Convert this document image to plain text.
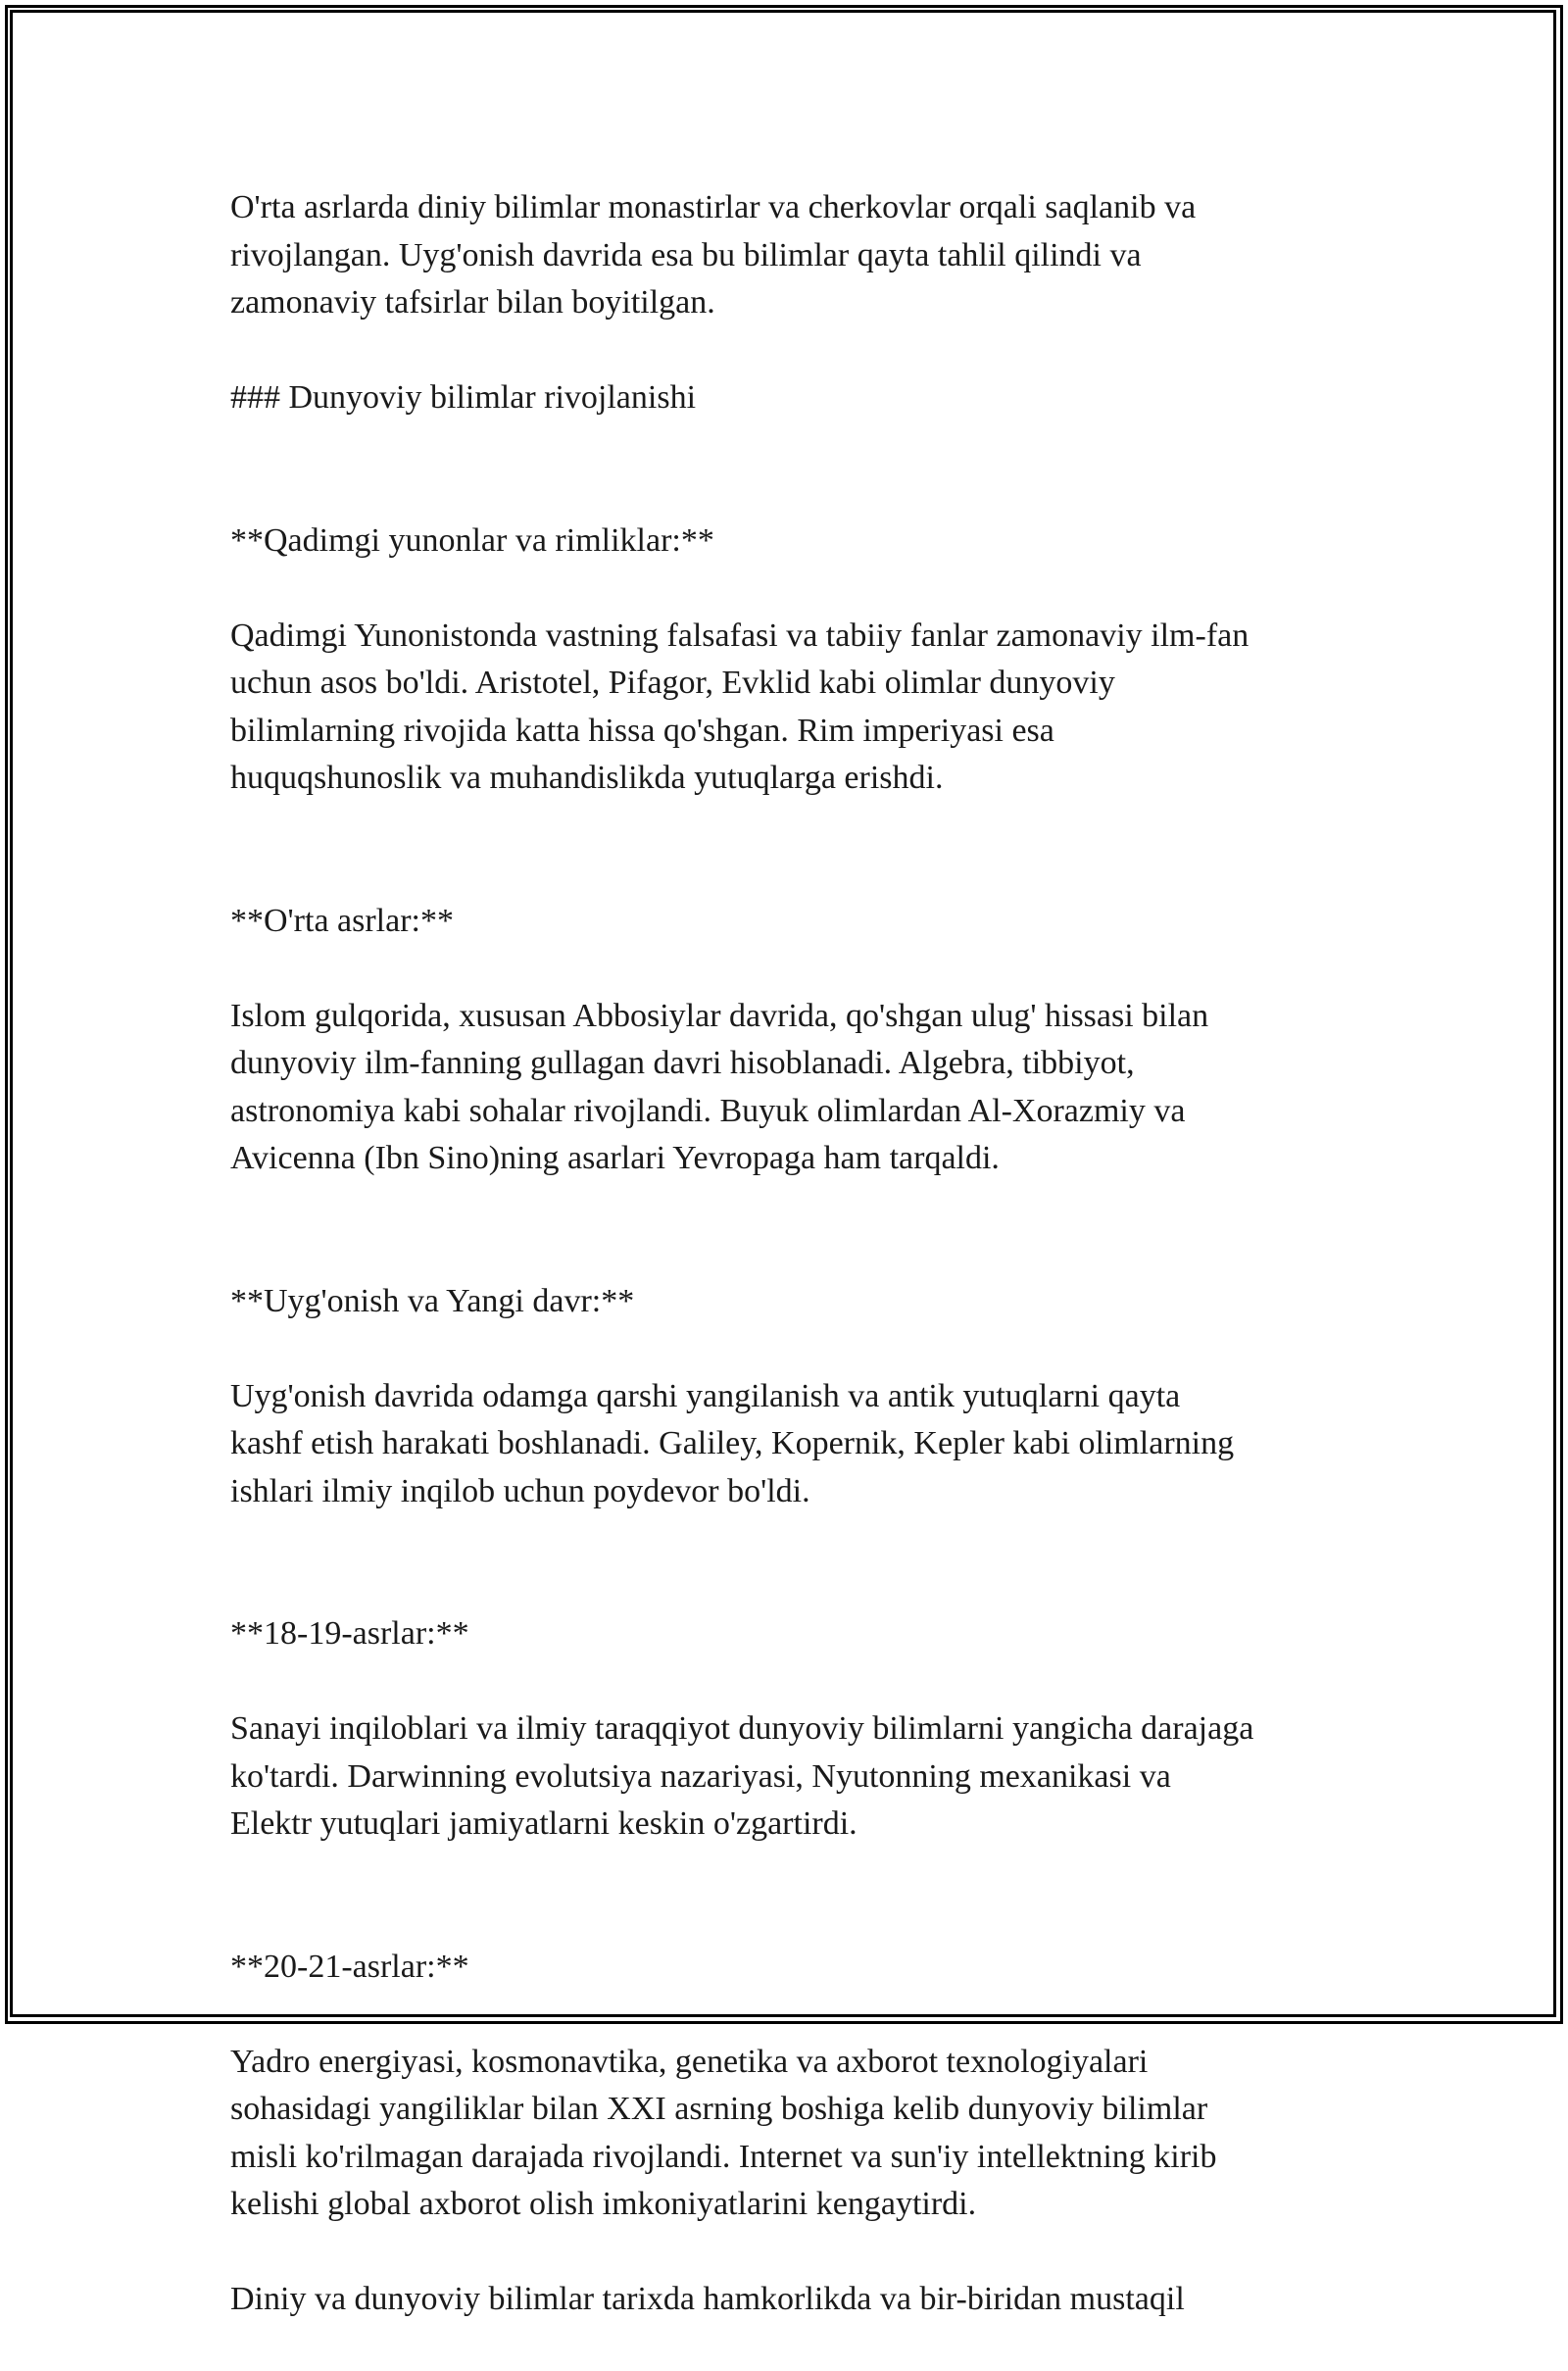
O'rta asrlarda diniy bilimlar monastirlar va cherkovlar orqali saqlanib va
rivojlangan. Uyg'onish davrida esa bu bilimlar qayta tahlil qilindi va
zamonaviy tafsirlar bilan boyitilgan.

### Dunyoviy bilimlar rivojlanishi

**Qadimgi yunonlar va rimliklar:**

Qadimgi Yunonistonda vastning falsafasi va tabiiy fanlar zamonaviy ilm-fan
uchun asos bo'ldi. Aristotel, Pifagor, Evklid kabi olimlar dunyoviy
bilimlarning rivojida katta hissa qo'shgan. Rim imperiyasi esa
huquqshunoslik va muhandislikda yutuqlarga erishdi.

**O'rta asrlar:**

Islom gulqorida, xususan Abbosiylar davrida, qo'shgan ulug' hissasi bilan
dunyoviy ilm-fanning gullagan davri hisoblanadi. Algebra, tibbiyot,
astronomiya kabi sohalar rivojlandi. Buyuk olimlardan Al-Xorazmiy va
Avicenna (Ibn Sino)ning asarlari Yevropaga ham tarqaldi.

**Uyg'onish va Yangi davr:**

Uyg'onish davrida odamga qarshi yangilanish va antik yutuqlarni qayta
kashf etish harakati boshlanadi. Galiley, Kopernik, Kepler kabi olimlarning
ishlari ilmiy inqilob uchun poydevor bo'ldi.

**18-19-asrlar:**

Sanayi inqiloblari va ilmiy taraqqiyot dunyoviy bilimlarni yangicha darajaga
ko'tardi. Darwinning evolutsiya nazariyasi, Nyutonning mexanikasi va
Elektr yutuqlari jamiyatlarni keskin o'zgartirdi.

**20-21-asrlar:**

Yadro energiyasi, kosmonavtika, genetika va axborot texnologiyalari
sohasidagi yangiliklar bilan XXI asrning boshiga kelib dunyoviy bilimlar
misli ko'rilmagan darajada rivojlandi. Internet va sun'iy intellektning kirib
kelishi global axborot olish imkoniyatlarini kengaytirdi.

Diniy va dunyoviy bilimlar tarixda hamkorlikda va bir-biridan mustaqil
